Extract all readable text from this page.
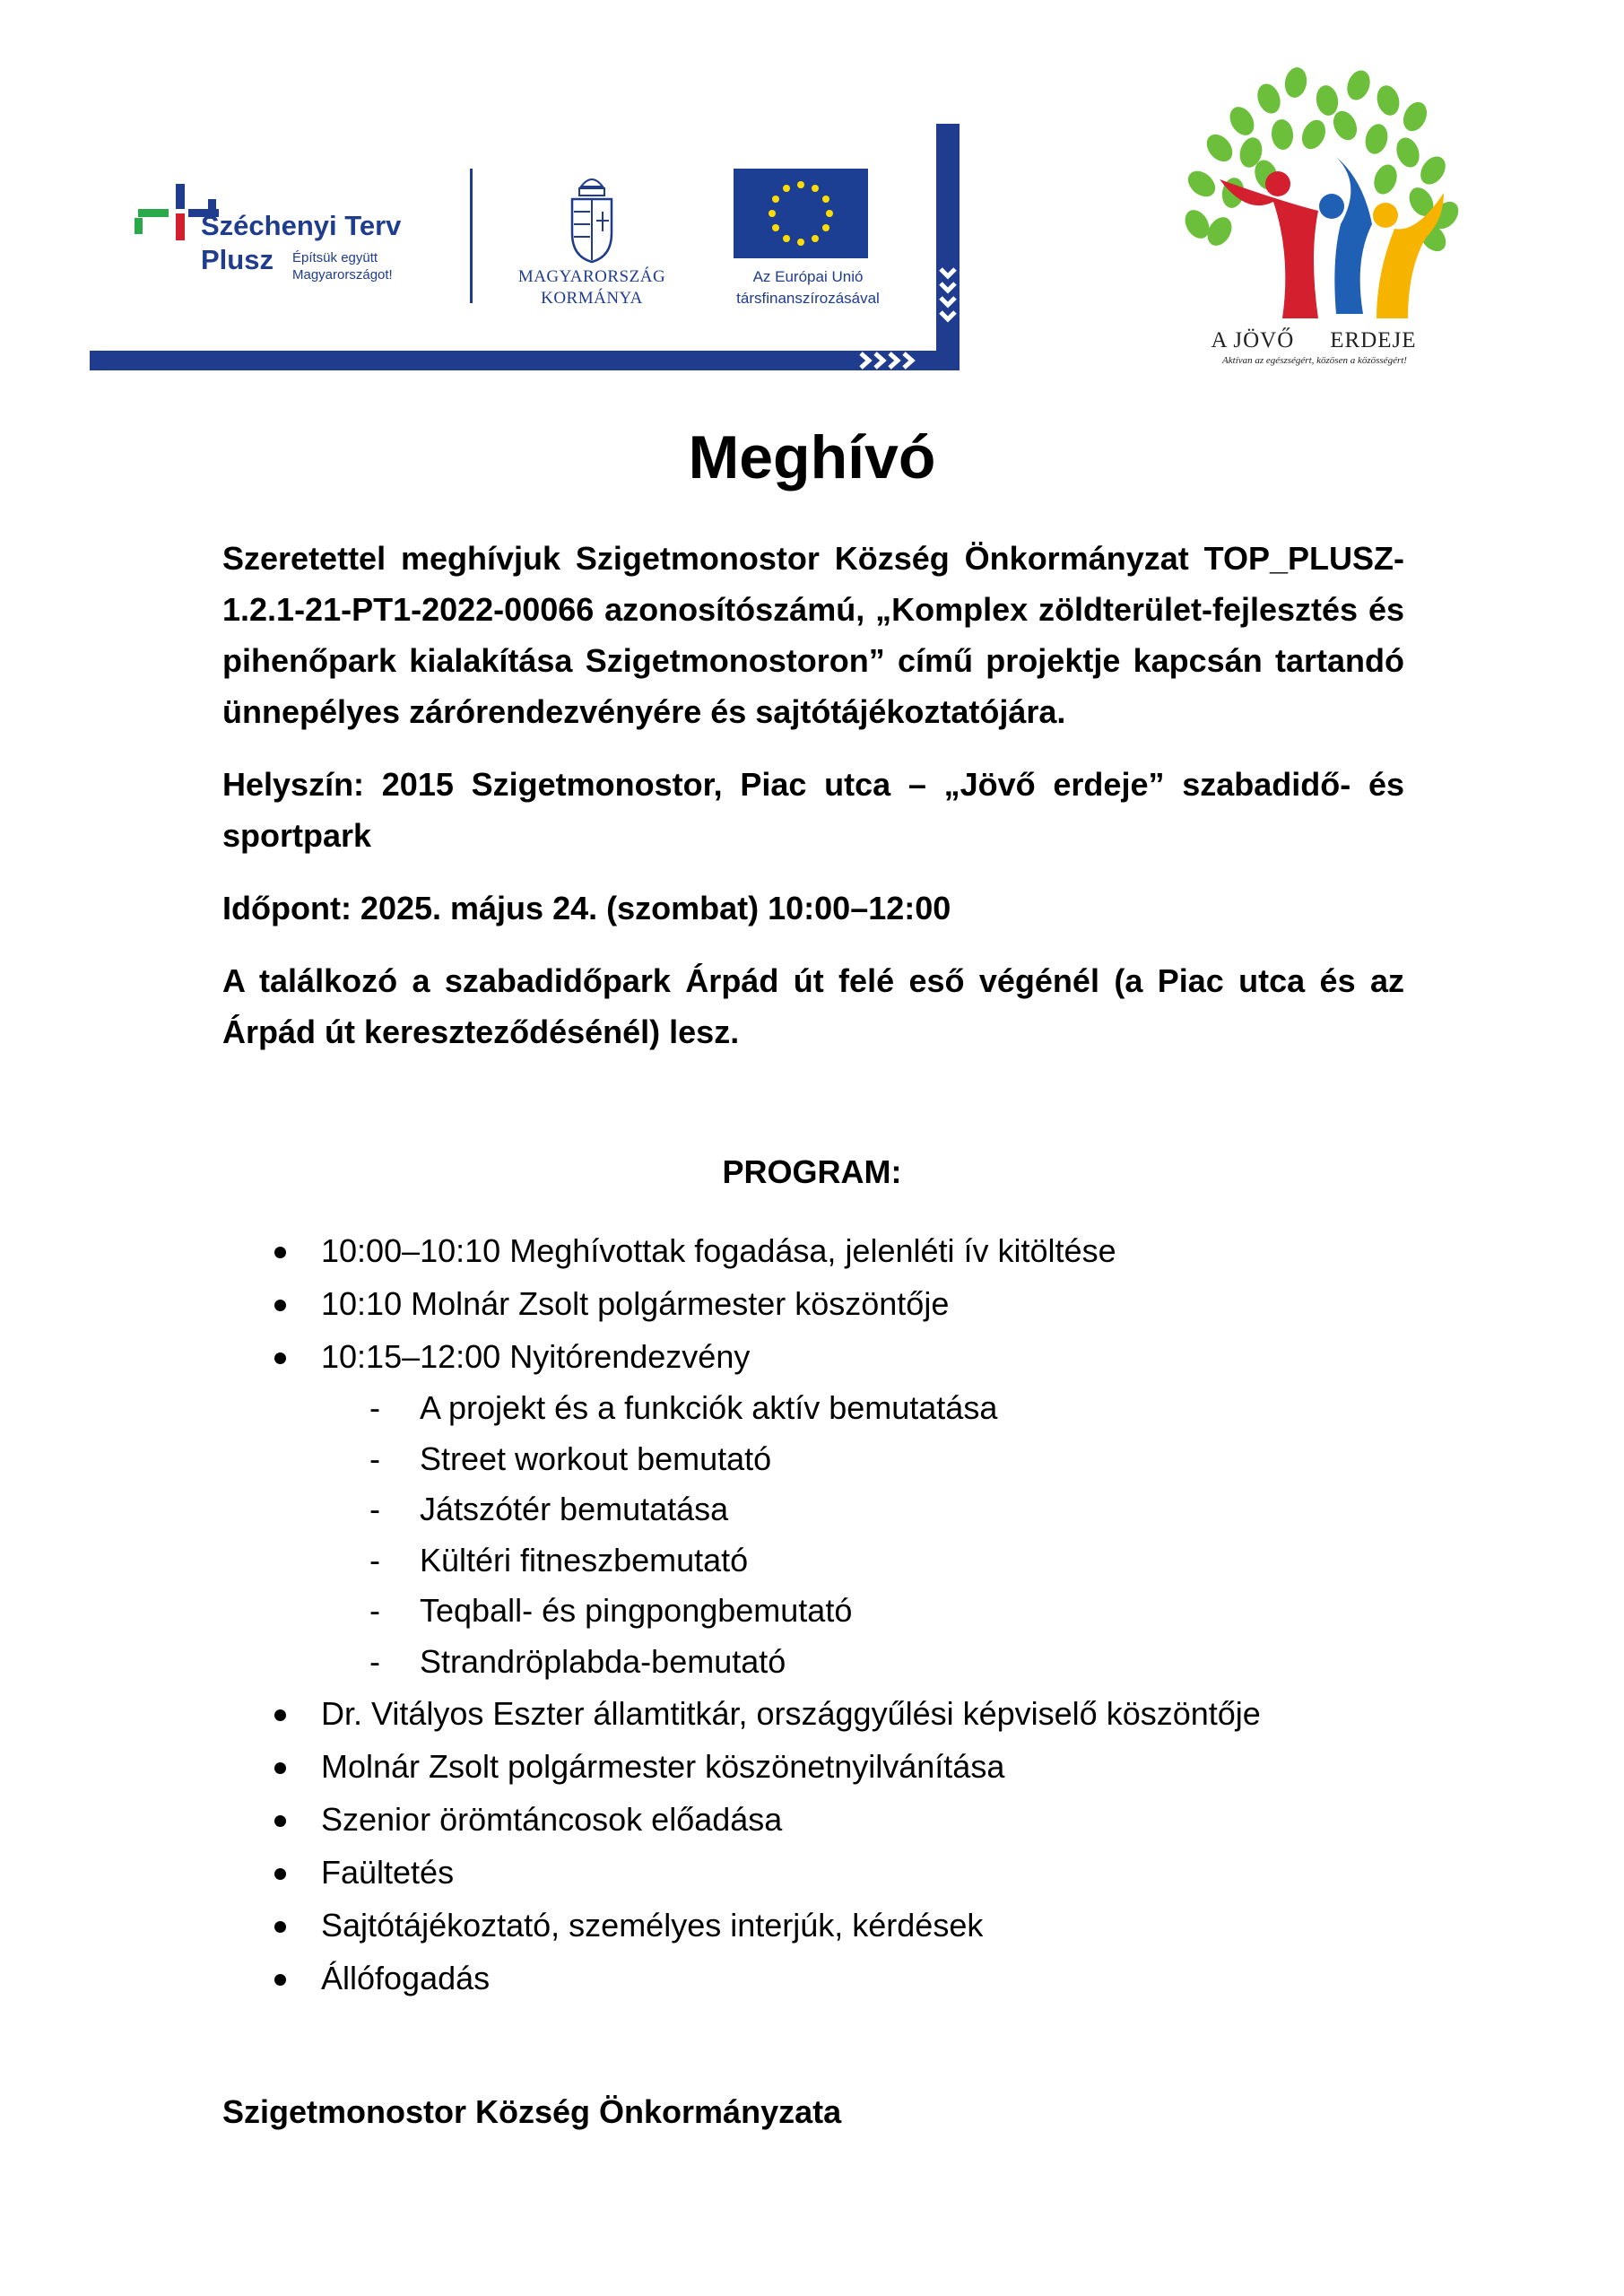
Széchenyi Terv
Plusz Építsük együtt Magyarországot!	MAGYARORSZÁG
KORMÁNYA
Az Európai Unió
társfinanszírozásával
A JÖVŐ ERDEJE
Aktívan az egészségért, közösen a közösségért!
Meghívó

Szeretettel meghívjuk Szigetmonostor Község Önkormányzat TOP_PLUSZ-1.2.1-21-PT1-2022-00066 azonosítószámú, „Komplex zöldterület-fejlesztés és pihenőpark kialakítása Szigetmonostoron” című projektje kapcsán tartandó ünnepélyes zárórendezvényére és sajtótájékoztatójára.

Helyszín: 2015 Szigetmonostor, Piac utca – „Jövő erdeje” szabadidő- és sportpark

Időpont: 2025. május 24. (szombat) 10:00–12:00

A találkozó a szabadidőpark Árpád út felé eső végénél (a Piac utca és az Árpád út kereszteződésénél) lesz.

PROGRAM:
10:00–10:10 Meghívottak fogadása, jelenléti ív kitöltése
10:10 Molnár Zsolt polgármester köszöntője
10:15–12:00 Nyitórendezvény
- A projekt és a funkciók aktív bemutatása
- Street workout bemutató
- Játszótér bemutatása
- Kültéri fitneszbemutató
- Teqball- és pingpongbemutató
- Strandröplabda-bemutató
Dr. Vitályos Eszter államtitkár, országgyűlési képviselő köszöntője
Molnár Zsolt polgármester köszönetnyilvánítása
Szenior örömtáncosok előadása
Faültetés
Sajtótájékoztató, személyes interjúk, kérdések
Állófogadás
Szigetmonostor Község Önkormányzata
